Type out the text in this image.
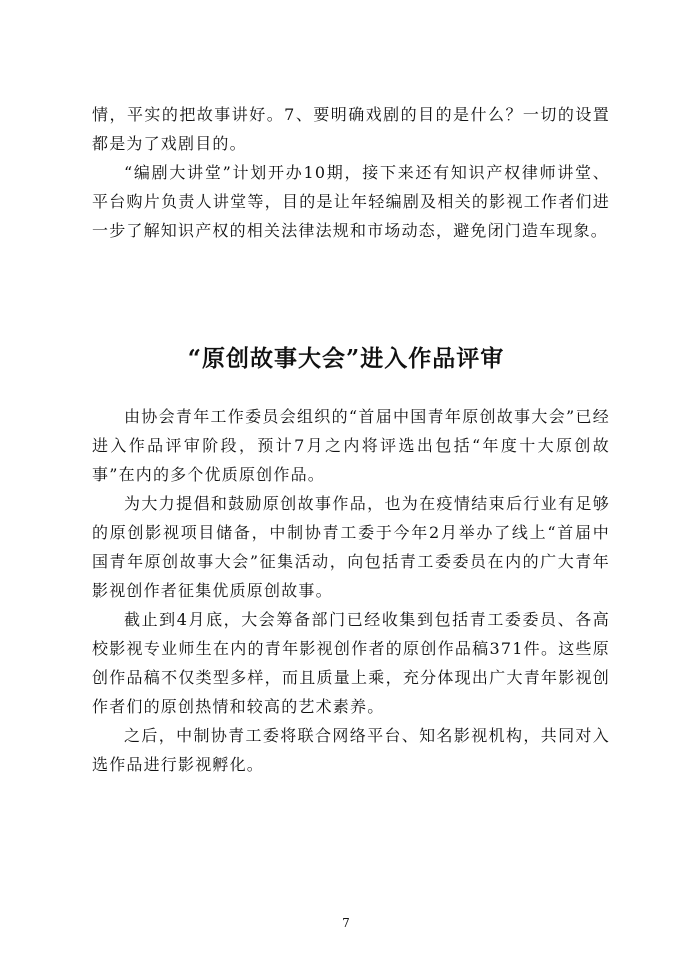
情，平实的把故事讲好。7、要明确戏剧的目的是什么？一切的设置都是为了戏剧目的。

“编剧大讲堂”计划开办10期，接下来还有知识产权律师讲堂、平台购片负责人讲堂等，目的是让年轻编剧及相关的影视工作者们进一步了解知识产权的相关法律法规和市场动态，避免闭门造车现象。

“原创故事大会”进入作品评审

由协会青年工作委员会组织的“首届中国青年原创故事大会”已经进入作品评审阶段，预计7月之内将评选出包括“年度十大原创故事”在内的多个优质原创作品。

为大力提倡和鼓励原创故事作品，也为在疫情结束后行业有足够的原创影视项目储备，中制协青工委于今年2月举办了线上“首届中国青年原创故事大会”征集活动，向包括青工委委员在内的广大青年影视创作者征集优质原创故事。

截止到4月底，大会筹备部门已经收集到包括青工委委员、各高校影视专业师生在内的青年影视创作者的原创作品稿371件。这些原创作品稿不仅类型多样，而且质量上乘，充分体现出广大青年影视创作者们的原创热情和较高的艺术素养。

之后，中制协青工委将联合网络平台、知名影视机构，共同对入选作品进行影视孵化。

7
